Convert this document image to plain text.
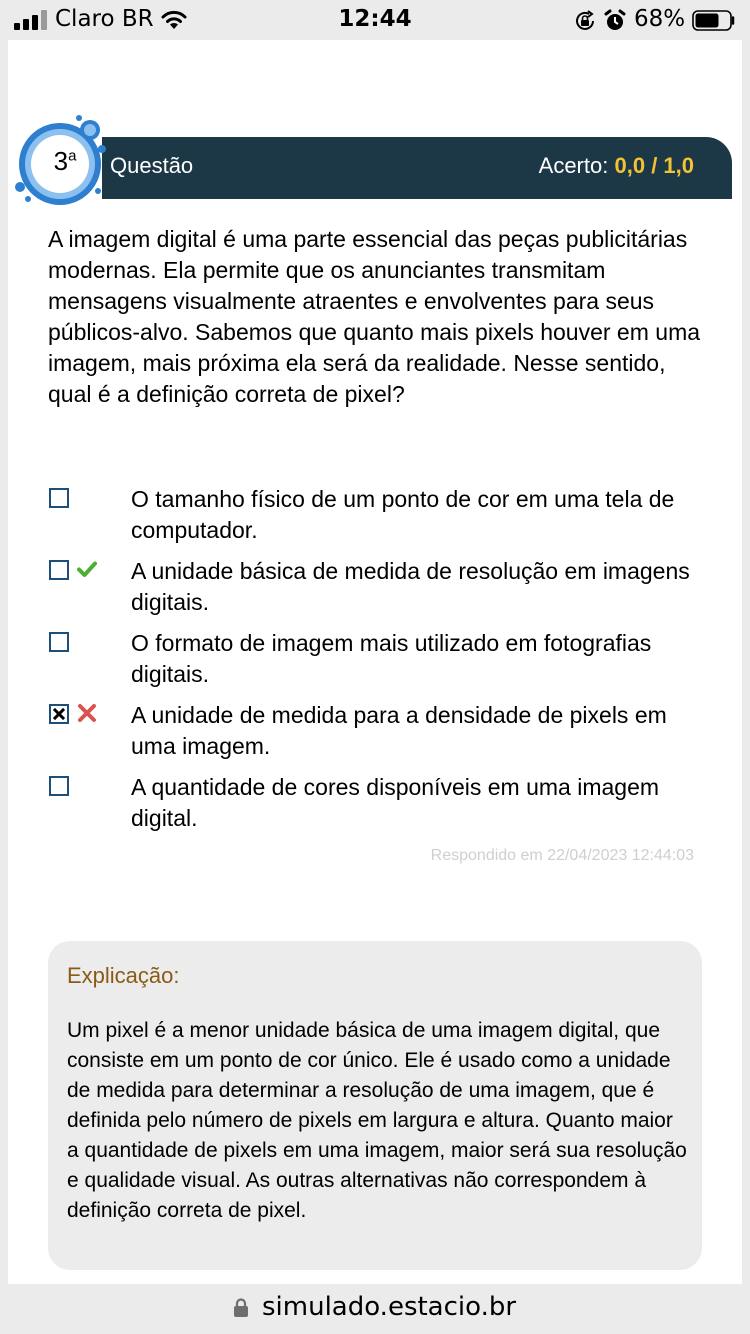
Claro BR	12:44	68%
Questão	Acerto: 0,0 / 1,0
3$^a$
A imagem digital é uma parte essencial das peças publicitárias modernas. Ela permite que os anunciantes transmitam mensagens visualmente atraentes e envolventes para seus públicos-alvo. Sabemos que quanto mais pixels houver em uma imagem, mais próxima ela será da realidade. Nesse sentido, qual é a definição correta de pixel?
O tamanho físico de um ponto de cor em uma tela de computador.
A unidade básica de medida de resolução em imagens digitais.
O formato de imagem mais utilizado em fotografias digitais.
A unidade de medida para a densidade de pixels em uma imagem.
A quantidade de cores disponíveis em uma imagem digital.
Respondido em 22/04/2023 12:44:03
Explicação:
Um pixel é a menor unidade básica de uma imagem digital, que consiste em um ponto de cor único. Ele é usado como a unidade de medida para determinar a resolução de uma imagem, que é definida pelo número de pixels em largura e altura. Quanto maior a quantidade de pixels em uma imagem, maior será sua resolução e qualidade visual. As outras alternativas não correspondem à definição correta de pixel.
simulado.estacio.br
